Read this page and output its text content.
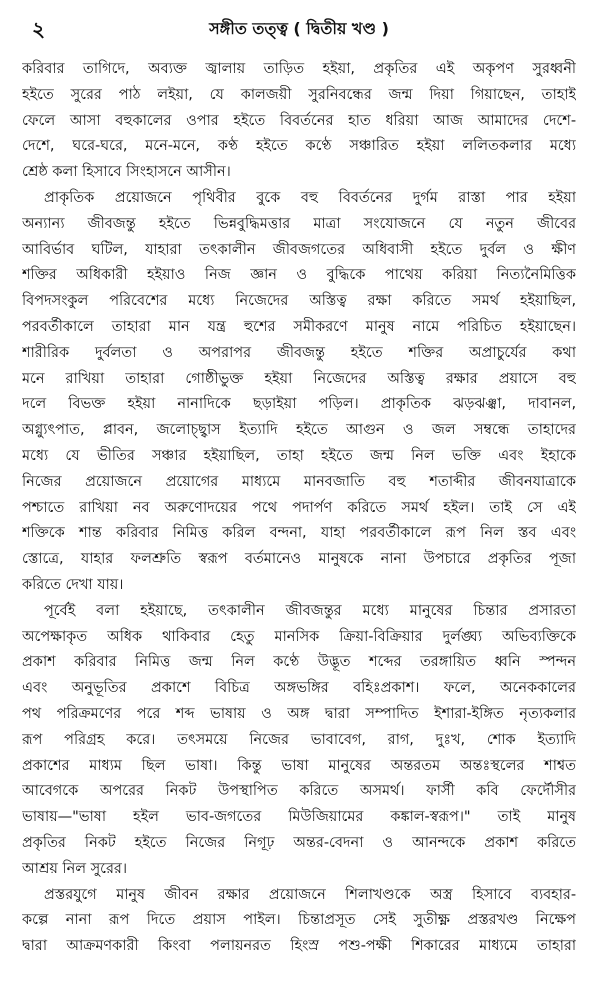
২	সঙ্গীত তত্ত্ব ( দ্বিতীয় খণ্ড )
করিবার তাগিদে, অব্যক্ত জ্বালায় তাড়িত হইয়া, প্রকৃতির এই অকৃপণ সুরধ্বনী
হইতে সুরের পাঠ লইয়া, যে কালজয়ী সুরনিবন্ধের জন্ম দিয়া গিয়াছেন, তাহাই
ফেলে আসা বহুকালের ওপার হইতে বিবর্তনের হাত ধরিয়া আজ আমাদের দেশে-
দেশে, ঘরে-ঘরে, মনে-মনে, কণ্ঠ হইতে কণ্ঠে সঞ্চারিত হইয়া ললিতকলার মধ্যে
শ্রেষ্ঠ কলা হিসাবে সিংহাসনে আসীন।
প্রাকৃতিক প্রয়োজনে পৃথিবীর বুকে বহু বিবর্তনের দুর্গম রাস্তা পার হইয়া
অন্যান্য জীবজন্তু হইতে ভিন্নবুদ্ধিমত্তার মাত্রা সংযোজনে যে নতুন জীবের
আবির্ভাব ঘটিল, যাহারা তৎকালীন জীবজগতের অধিবাসী হইতে দুর্বল ও ক্ষীণ
শক্তির অধিকারী হইয়াও নিজ জ্ঞান ও বুদ্ধিকে পাথেয় করিয়া নিত্যনৈমিত্তিক
বিপদসংকুল পরিবেশের মধ্যে নিজেদের অস্তিত্ব রক্ষা করিতে সমর্থ হইয়াছিল,
পরবর্তীকালে তাহারা মান যন্ত্র হুশের সমীকরণে মানুষ নামে পরিচিত হইয়াছেন।
শারীরিক দুর্বলতা ও অপরাপর জীবজন্তু হইতে শক্তির অপ্রাচুর্যের কথা
মনে রাখিয়া তাহারা গোষ্ঠীভুক্ত হইয়া নিজেদের অস্তিত্ব রক্ষার প্রয়াসে বহু
দলে বিভক্ত হইয়া নানাদিকে ছড়াইয়া পড়িল। প্রাকৃতিক ঝড়ঝঞ্ঝা, দাবানল,
অগ্ন্যুৎপাত, প্লাবন, জলোচ্ছ্বাস ইত্যাদি হইতে আগুন ও জল সম্বন্ধে তাহাদের
মধ্যে যে ভীতির সঞ্চার হইয়াছিল, তাহা হইতে জন্ম নিল ভক্তি এবং ইহাকে
নিজের প্রয়োজনে প্রয়োগের মাধ্যমে মানবজাতি বহু শতাব্দীর জীবনযাত্রাকে
পশ্চাতে রাখিয়া নব অরুণোদয়ের পথে পদার্পণ করিতে সমর্থ হইল। তাই সে এই
শক্তিকে শান্ত করিবার নিমিত্ত করিল বন্দনা, যাহা পরবর্তীকালে রূপ নিল স্তব এবং
স্তোত্রে, যাহার ফলশ্রুতি স্বরূপ বর্তমানেও মানুষকে নানা উপচারে প্রকৃতির পূজা
করিতে দেখা যায়।
পূর্বেই বলা হইয়াছে, তৎকালীন জীবজন্তুর মধ্যে মানুষের চিন্তার প্রসারতা
অপেক্ষাকৃত অধিক থাকিবার হেতু মানসিক ক্রিয়া-বিক্রিয়ার দুর্লঙ্ঘ্য অভিব্যক্তিকে
প্রকাশ করিবার নিমিত্ত জন্ম নিল কণ্ঠে উদ্ভূত শব্দের তরঙ্গায়িত ধ্বনি স্পন্দন
এবং অনুভূতির প্রকাশে বিচিত্র অঙ্গভঙ্গির বহিঃপ্রকাশ। ফলে, অনেককালের
পথ পরিক্রমণের পরে শব্দ ভাষায় ও অঙ্গ দ্বারা সম্পাদিত ইশারা-ইঙ্গিত নৃত্যকলার
রূপ পরিগ্রহ করে। তৎসময়ে নিজের ভাবাবেগ, রাগ, দুঃখ, শোক ইত্যাদি
প্রকাশের মাধ্যম ছিল ভাষা। কিন্তু ভাষা মানুষের অন্তরতম অন্তঃস্থলের শাশ্বত
আবেগকে অপরের নিকট উপস্থাপিত করিতে অসমর্থ। ফার্সী কবি ফের্দৌসীর
ভাষায়—"ভাষা হইল ভাব-জগতের মিউজিয়ামের কঙ্কাল-স্বরূপ।" তাই মানুষ
প্রকৃতির নিকট হইতে নিজের নিগূঢ় অন্তর-বেদনা ও আনন্দকে প্রকাশ করিতে
আশ্রয় নিল সুরের।
প্রস্তরযুগে মানুষ জীবন রক্ষার প্রয়োজনে শিলাখণ্ডকে অস্ত্র হিসাবে ব্যবহার-
কল্পে নানা রূপ দিতে প্রয়াস পাইল। চিন্তাপ্রসূত সেই সুতীক্ষ্ণ প্রস্তরখণ্ড নিক্ষেপ
দ্বারা আক্রমণকারী কিংবা পলায়নরত হিংস্র পশু-পক্ষী শিকারের মাধ্যমে তাহারা
